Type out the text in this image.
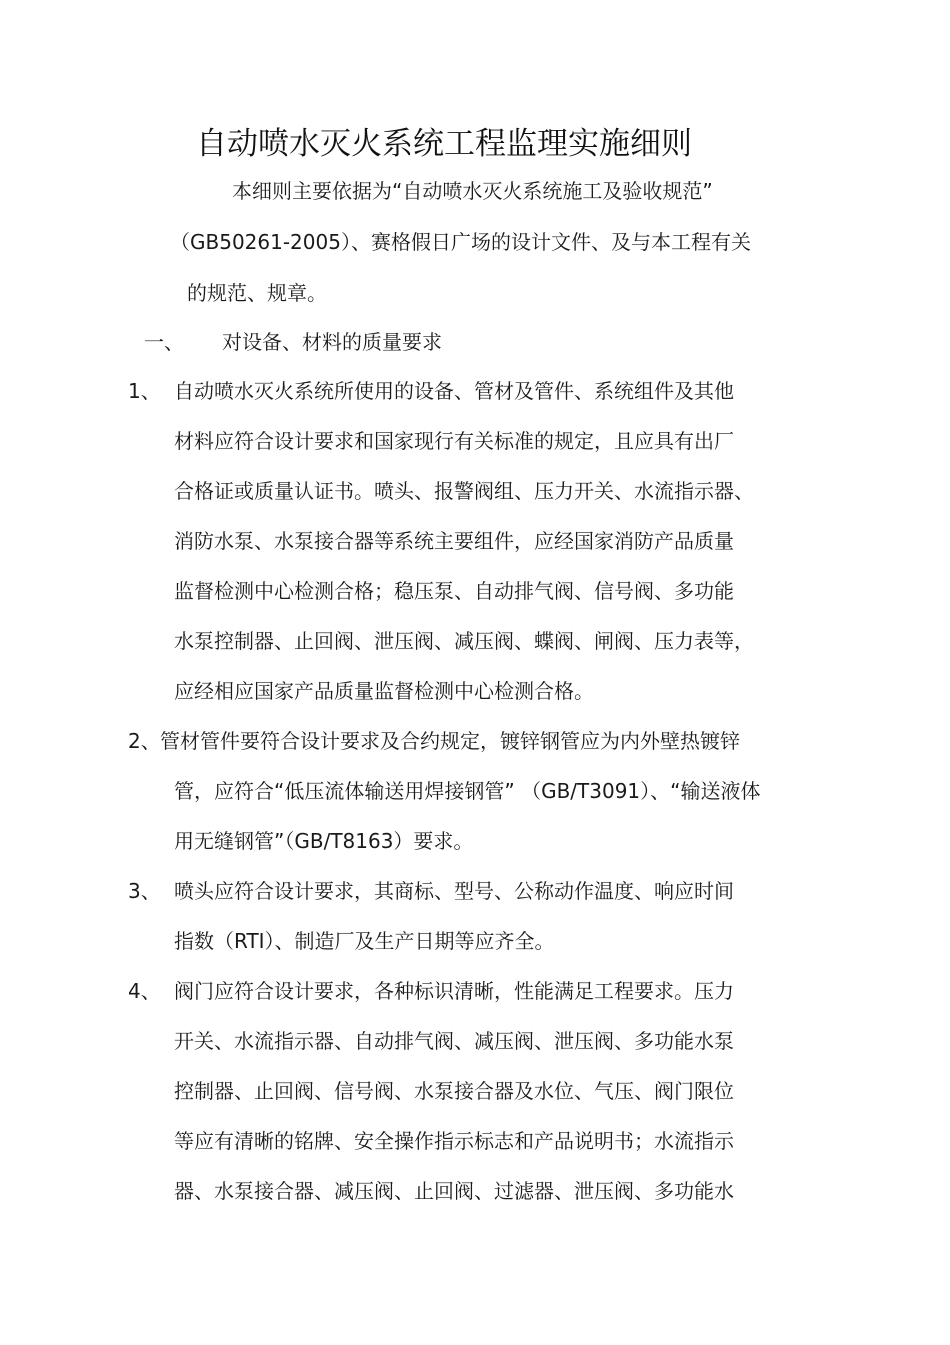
自动喷水灭火系统工程监理实施细则
本细则主要依据为“自动喷水灭火系统施工及验收规范”
（GB50261-2005）、赛格假日广场的设计文件、及与本工程有关
的规范、规章。
一、 对设备、材料的质量要求
1、 自动喷水灭火系统所使用的设备、管材及管件、系统组件及其他
材料应符合设计要求和国家现行有关标准的规定，且应具有出厂
合格证或质量认证书。喷头、报警阀组、压力开关、水流指示器、
消防水泵、水泵接合器等系统主要组件，应经国家消防产品质量
监督检测中心检测合格；稳压泵、自动排气阀、信号阀、多功能
水泵控制器、止回阀、泄压阀、减压阀、蝶阀、闸阀、压力表等，
应经相应国家产品质量监督检测中心检测合格。
2、 管材管件要符合设计要求及合约规定，镀锌钢管应为内外壁热镀锌
管，应符合“低压流体输送用焊接钢管” （GB/T3091）、“输送液体
用无缝钢管”（GB/T8163）要求。
3、 喷头应符合设计要求，其商标、型号、公称动作温度、响应时间
指数（RTI）、制造厂及生产日期等应齐全。
4、 阀门应符合设计要求，各种标识清晰，性能满足工程要求。压力
开关、水流指示器、自动排气阀、减压阀、泄压阀、多功能水泵
控制器、止回阀、信号阀、水泵接合器及水位、气压、阀门限位
等应有清晰的铭牌、安全操作指示标志和产品说明书；水流指示
器、水泵接合器、减压阀、止回阀、过滤器、泄压阀、多功能水
